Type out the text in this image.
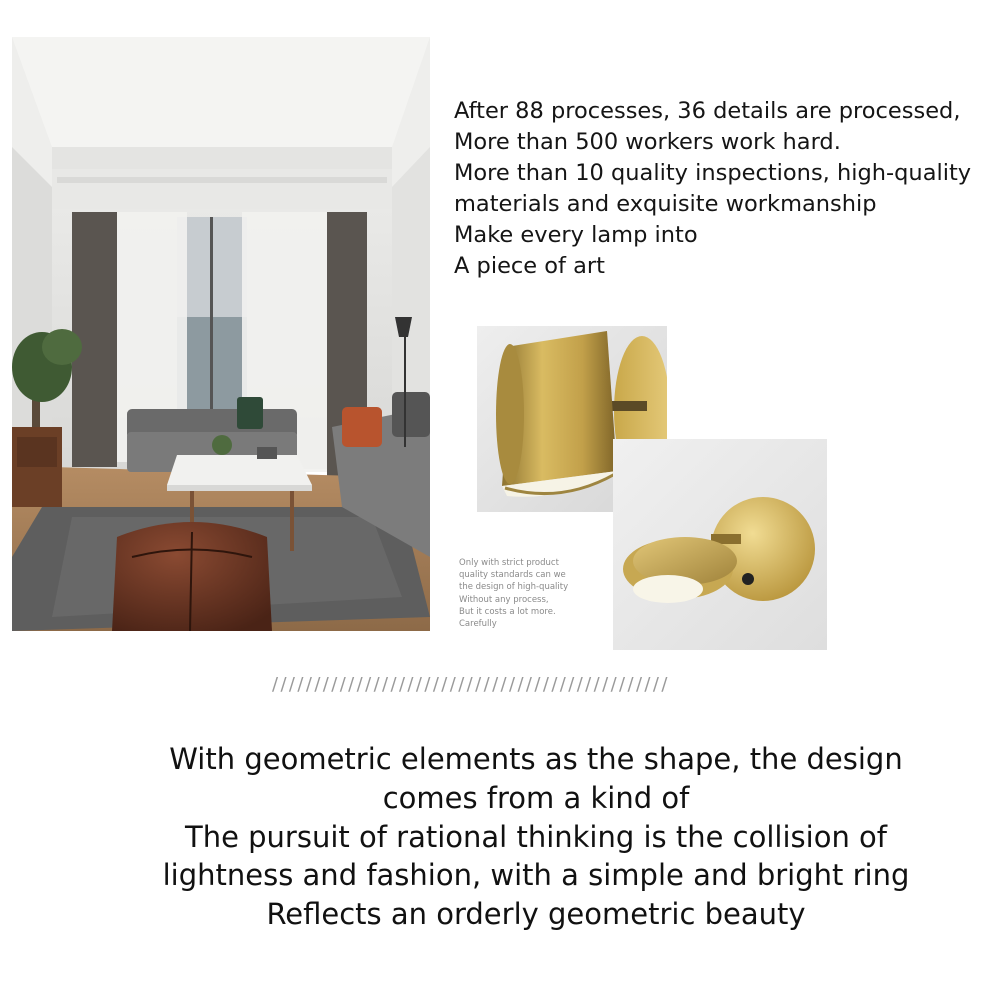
After 88 processes, 36 details are processed,
More than 500 workers work hard.
More than 10 quality inspections, high-quality
materials and exquisite workmanship
Make every lamp into
A piece of art
Only with strict product
quality standards can we
the design of high-quality
Without any process,
But it costs a lot more.
Carefully
///////////////////////////////////////////////
With geometric elements as the shape, the design
comes from a kind of
The pursuit of rational thinking is the collision of
lightness and fashion, with a simple and bright ring
Reflects an orderly geometric beauty
